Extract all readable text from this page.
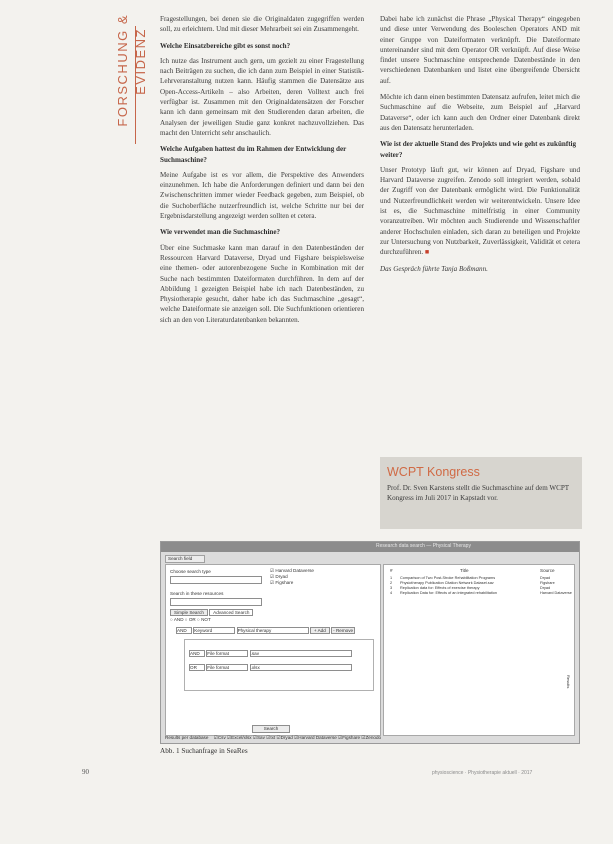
FORSCHUNG & EVIDENZ

Fragestellungen, bei denen sie die Originaldaten zugegriffen werden soll, zu erleichtern. Und mit dieser Mehrarbeit sei ein Zusammengeht.

Welche Einsatzbereiche gibt es sonst noch?

Ich nutze das Instrument auch gern, um gezielt zu einer Fragestellung nach Beiträgen zu suchen, die ich dann zum Beispiel in einer Statistik-Lehrveranstaltung nutzen kann. Häufig stammen die Datensätze aus Open-Access-Artikeln – also Arbeiten, deren Volltext auch frei verfügbar ist. Zusammen mit den Originaldatensätzen der Forscher kann ich dann gemeinsam mit den Studierenden daran arbeiten, die Analysen der jeweiligen Studie ganz konkret nachzuvollziehen. Das macht den Unterricht sehr anschaulich.

Welche Aufgaben hattest du im Rahmen der Entwicklung der Suchmaschine?

Meine Aufgabe ist es vor allem, die Perspektive des Anwenders einzunehmen. Ich habe die Anforderungen definiert und dann bei den Zwischenschritten immer wieder Feedback gegeben, zum Beispiel, ob die Suchoberfläche nutzerfreundlich ist, welche Schritte nur bei der Ergebnisdarstellung angezeigt werden sollten et cetera.

Wie verwendet man die Suchmaschine?

Über eine Suchmaske kann man darauf in den Datenbeständen der Ressourcen Harvard Dataverse, Dryad und Figshare beispielsweise eine themen- oder autorenbezogene Suche in Kombination mit der Suche nach bestimmten Dateiformaten durchführen. In dem auf der Abbildung 1 gezeigten Beispiel habe ich nach Datenbeständen, zu Physiotherapie gesucht, daher habe ich das Suchmaschine „gesagt“, welche Dateiformate sie anzeigen soll. Die Suchfunktionen orientieren sich an den von Literaturdatenbanken bekannten.

Dabei habe ich zunächst die Phrase „Physical Therapy“ eingegeben und diese unter Verwendung des Booleschen Operators AND mit einer Gruppe von Dateiformaten verknüpft. Die Dateiformate untereinander sind mit dem Operator OR verknüpft. Auf diese Weise findet unsere Suchmaschine entsprechende Datenbestände in den verschiedenen Datenbanken und listet eine übergreifende Übersicht auf.

Möchte ich dann einen bestimmten Datensatz aufrufen, leitet mich die Suchmaschine auf die Webseite, zum Beispiel auf „Harvard Dataverse“, oder ich kann auch den Ordner einer Datenbank direkt aus den Datensatz herunterladen.

Wie ist der aktuelle Stand des Projekts und wie geht es zukünftig weiter?

Unser Prototyp läuft gut, wir können auf Dryad, Figshare und Harvard Dataverse zugreifen. Zenodo soll integriert werden, sobald der Zugriff von der Datenbank ermöglicht wird. Die Funktionalität und Nutzerfreundlichkeit werden wir weiterentwickeln. Unsere Idee ist es, die Suchmaschine mittelfristig in einer Community voranzutreiben. Wir möchten auch Studierende und Wissenschaftler anderer Hochschulen einladen, sich daran zu beteiligen und Projekte zur Untersuchung von Nutzbarkeit, Zuverlässigkeit, Validität et cetera durchzuführen. ■

Das Gespräch führte Tanja Boßmann.

WCPT Kongress
Prof. Dr. Sven Karstens stellt die Suchmaschine auf dem WCPT Kongress im Juli 2017 in Kapstadt vor.
Research data search — Physical Therapy
Search field
Choose search type	☑ Harvard Dataverse
☑ Dryad
☑ Figshare
Search in these resources
Simple Search Advanced Search
○ AND ○ OR ○ NOT
AND Keyword	Physical therapy	+ Add - Remove
AND File format	.sav
OR File format	.xlsx
Search
#	Title	Source
1 Comparison of Two Post-Stroke Rehabilitation Programs	Dryad
2 Physiotherapy Publication Citation Network Dataset.sav	Figshare
3 Replication data for: Effects of exercise therapy	Dryad
4 Replication Data for: Effects of an integrated rehabilitation	Harvard Dataverse
Results
Results per database ☑Csv ☑Excel/xlsx ☑Sav ☑txt ☑Dryad ☑Harvard Dataverse ☑Figshare ☑Zenodo
Abb. 1 Suchanfrage in SeaRes
90	physioscience · Physiotherapie aktuell · 2017
